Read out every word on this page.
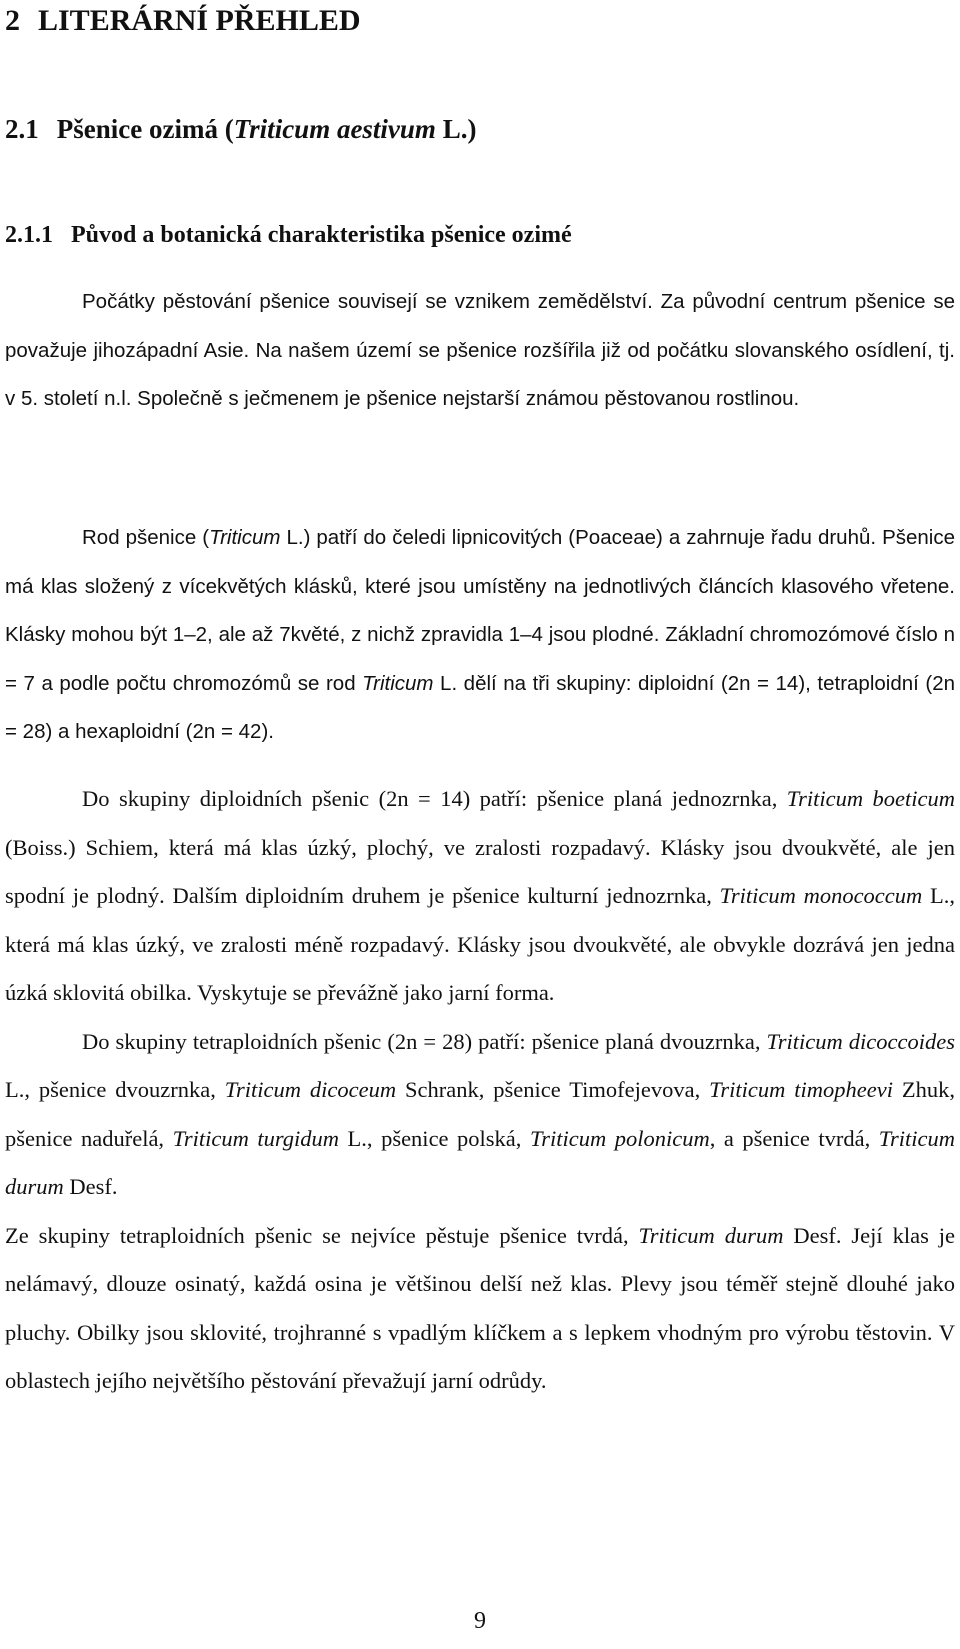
2 LITERÁRNÍ PŘEHLED
2.1 Pšenice ozimá (Triticum aestivum L.)
2.1.1 Původ a botanická charakteristika pšenice ozimé

Počátky pěstování pšenice souvisejí se vznikem zemědělství. Za původní centrum pšenice se považuje jihozápadní Asie. Na našem území se pšenice rozšířila již od počátku slovanského osídlení, tj. v 5. století n.l. Společně s ječmenem je pšenice nejstarší známou pěstovanou rostlinou.

Rod pšenice (Triticum L.) patří do čeledi lipnicovitých (Poaceae) a zahrnuje řadu druhů. Pšenice má klas složený z vícekvětých klásků, které jsou umístěny na jednotlivých článcích klasového vřetene. Klásky mohou být 1–2, ale až 7květé, z nichž zpravidla 1–4 jsou plodné. Základní chromozómové číslo n = 7 a podle počtu chromozómů se rod Triticum L. dělí na tři skupiny: diploidní (2n = 14), tetraploidní (2n = 28) a hexaploidní (2n = 42).

Do skupiny diploidních pšenic (2n = 14) patří: pšenice planá jednozrnka, Triticum boeticum (Boiss.) Schiem, která má klas úzký, plochý, ve zralosti rozpadavý. Klásky jsou dvoukvěté, ale jen spodní je plodný. Dalším diploidním druhem je pšenice kulturní jednozrnka, Triticum monococcum L., která má klas úzký, ve zralosti méně rozpadavý. Klásky jsou dvoukvěté, ale obvykle dozrává jen jedna úzká sklovitá obilka. Vyskytuje se převážně jako jarní forma.

Do skupiny tetraploidních pšenic (2n = 28) patří: pšenice planá dvouzrnka, Triticum dicoccoides L., pšenice dvouzrnka, Triticum dicoceum Schrank, pšenice Timofejevova, Triticum timopheevi Zhuk, pšenice naduřelá, Triticum turgidum L., pšenice polská, Triticum polonicum, a pšenice tvrdá, Triticum durum Desf.

Ze skupiny tetraploidních pšenic se nejvíce pěstuje pšenice tvrdá, Triticum durum Desf. Její klas je nelámavý, dlouze osinatý, každá osina je většinou delší než klas. Plevy jsou téměř stejně dlouhé jako pluchy. Obilky jsou sklovité, trojhranné s vpadlým klíčkem a s lepkem vhodným pro výrobu těstovin. V oblastech jejího největšího pěstování převažují jarní odrůdy.

9
